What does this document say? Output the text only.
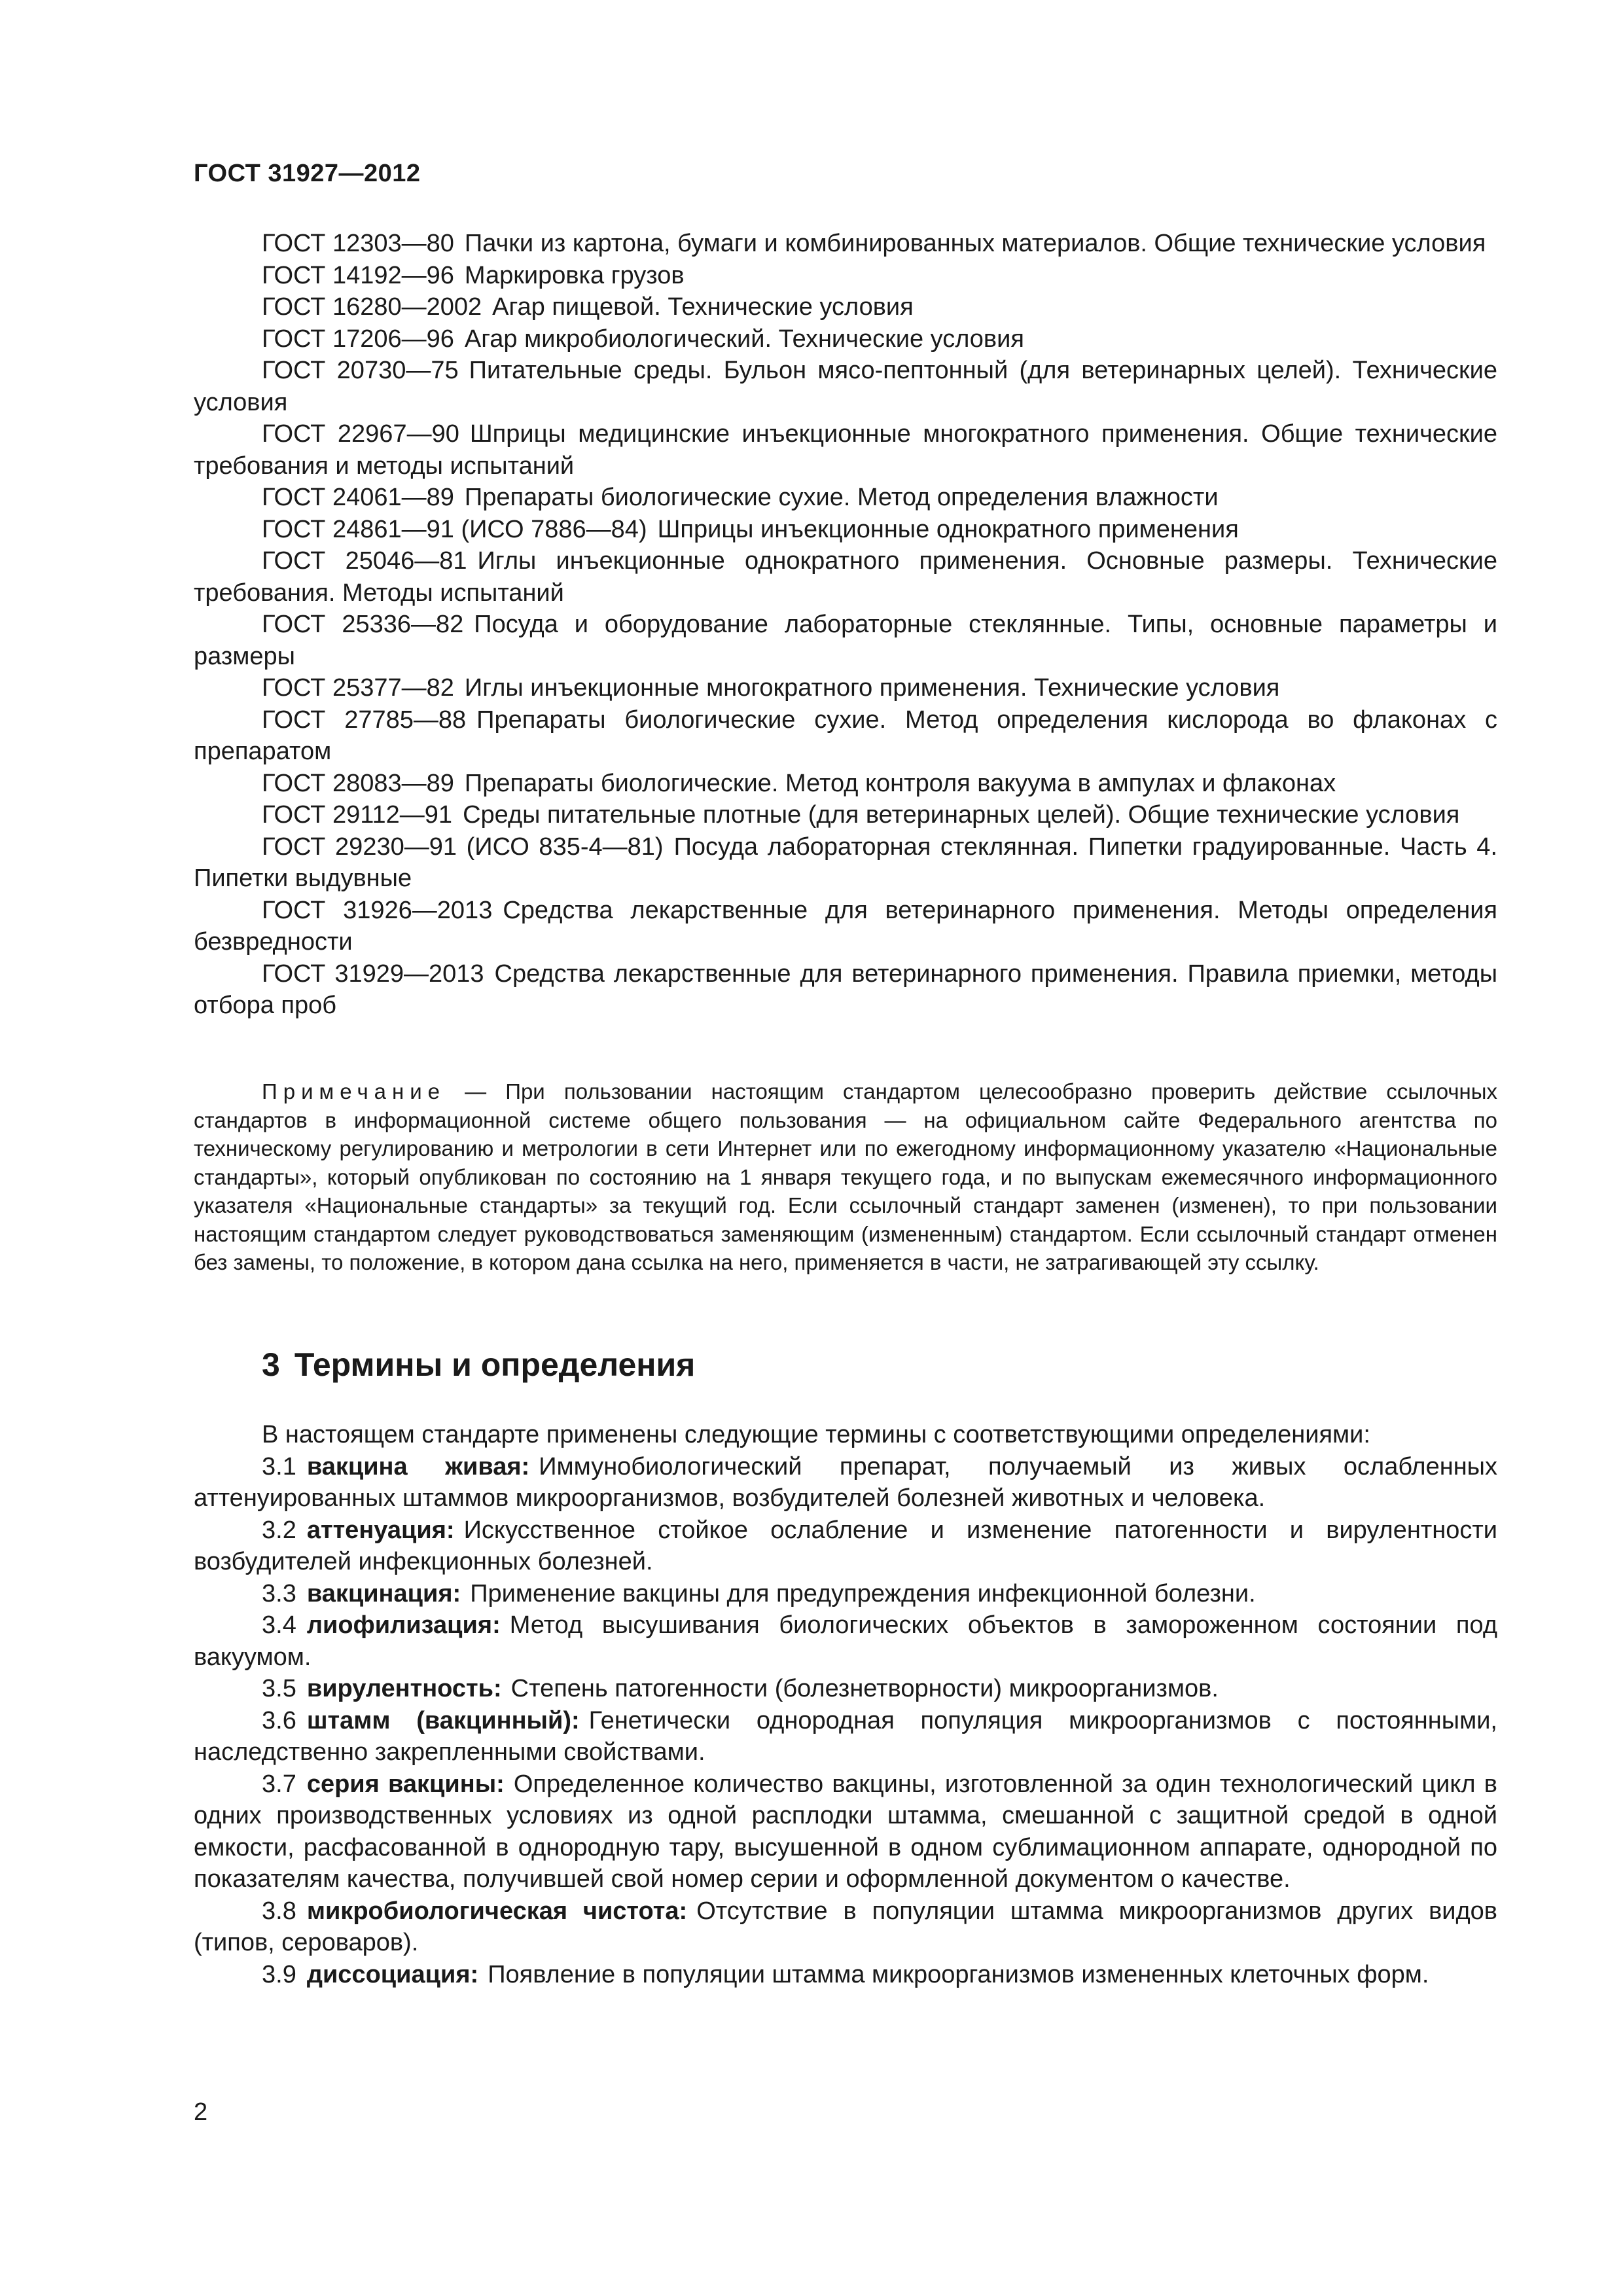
ГОСТ 31927—2012

ГОСТ 12303—80 Пачки из картона, бумаги и комбинированных материалов. Общие технические условия

ГОСТ 14192—96 Маркировка грузов

ГОСТ 16280—2002 Агар пищевой. Технические условия

ГОСТ 17206—96 Агар микробиологический. Технические условия

ГОСТ 20730—75 Питательные среды. Бульон мясо-пептонный (для ветеринарных целей). Технические условия

ГОСТ 22967—90 Шприцы медицинские инъекционные многократного применения. Общие технические требования и методы испытаний

ГОСТ 24061—89 Препараты биологические сухие. Метод определения влажности

ГОСТ 24861—91 (ИСО 7886—84) Шприцы инъекционные однократного применения

ГОСТ 25046—81 Иглы инъекционные однократного применения. Основные размеры. Технические требования. Методы испытаний

ГОСТ 25336—82 Посуда и оборудование лабораторные стеклянные. Типы, основные параметры и размеры

ГОСТ 25377—82 Иглы инъекционные многократного применения. Технические условия

ГОСТ 27785—88 Препараты биологические сухие. Метод определения кислорода во флаконах с препаратом

ГОСТ 28083—89 Препараты биологические. Метод контроля вакуума в ампулах и флаконах

ГОСТ 29112—91 Среды питательные плотные (для ветеринарных целей). Общие технические условия

ГОСТ 29230—91 (ИСО 835-4—81) Посуда лабораторная стеклянная. Пипетки градуированные. Часть 4. Пипетки выдувные

ГОСТ 31926—2013 Средства лекарственные для ветеринарного применения. Методы определения безвредности

ГОСТ 31929—2013 Средства лекарственные для ветеринарного применения. Правила приемки, методы отбора проб

Примечание — При пользовании настоящим стандартом целесообразно проверить действие ссылочных стандартов в информационной системе общего пользования — на официальном сайте Федерального агентства по техническому регулированию и метрологии в сети Интернет или по ежегодному информационному указателю «Национальные стандарты», который опубликован по состоянию на 1 января текущего года, и по выпускам ежемесячного информационного указателя «Национальные стандарты» за текущий год. Если ссылочный стандарт заменен (изменен), то при пользовании настоящим стандартом следует руководствоваться заменяющим (измененным) стандартом. Если ссылочный стандарт отменен без замены, то положение, в котором дана ссылка на него, применяется в части, не затрагивающей эту ссылку.

3 Термины и определения

В настоящем стандарте применены следующие термины с соответствующими определениями:

3.1 вакцина живая: Иммунобиологический препарат, получаемый из живых ослабленных аттенуированных штаммов микроорганизмов, возбудителей болезней животных и человека.

3.2 аттенуация: Искусственное стойкое ослабление и изменение патогенности и вирулентности возбудителей инфекционных болезней.

3.3 вакцинация: Применение вакцины для предупреждения инфекционной болезни.

3.4 лиофилизация: Метод высушивания биологических объектов в замороженном состоянии под вакуумом.

3.5 вирулентность: Степень патогенности (болезнетворности) микроорганизмов.

3.6 штамм (вакцинный): Генетически однородная популяция микроорганизмов с постоянными, наследственно закрепленными свойствами.

3.7 серия вакцины: Определенное количество вакцины, изготовленной за один технологический цикл в одних производственных условиях из одной расплодки штамма, смешанной с защитной средой в одной емкости, расфасованной в однородную тару, высушенной в одном сублимационном аппарате, однородной по показателям качества, получившей свой номер серии и оформленной документом о качестве.

3.8 микробиологическая чистота: Отсутствие в популяции штамма микроорганизмов других видов (типов, сероваров).

3.9 диссоциация: Появление в популяции штамма микроорганизмов измененных клеточных форм.

2
